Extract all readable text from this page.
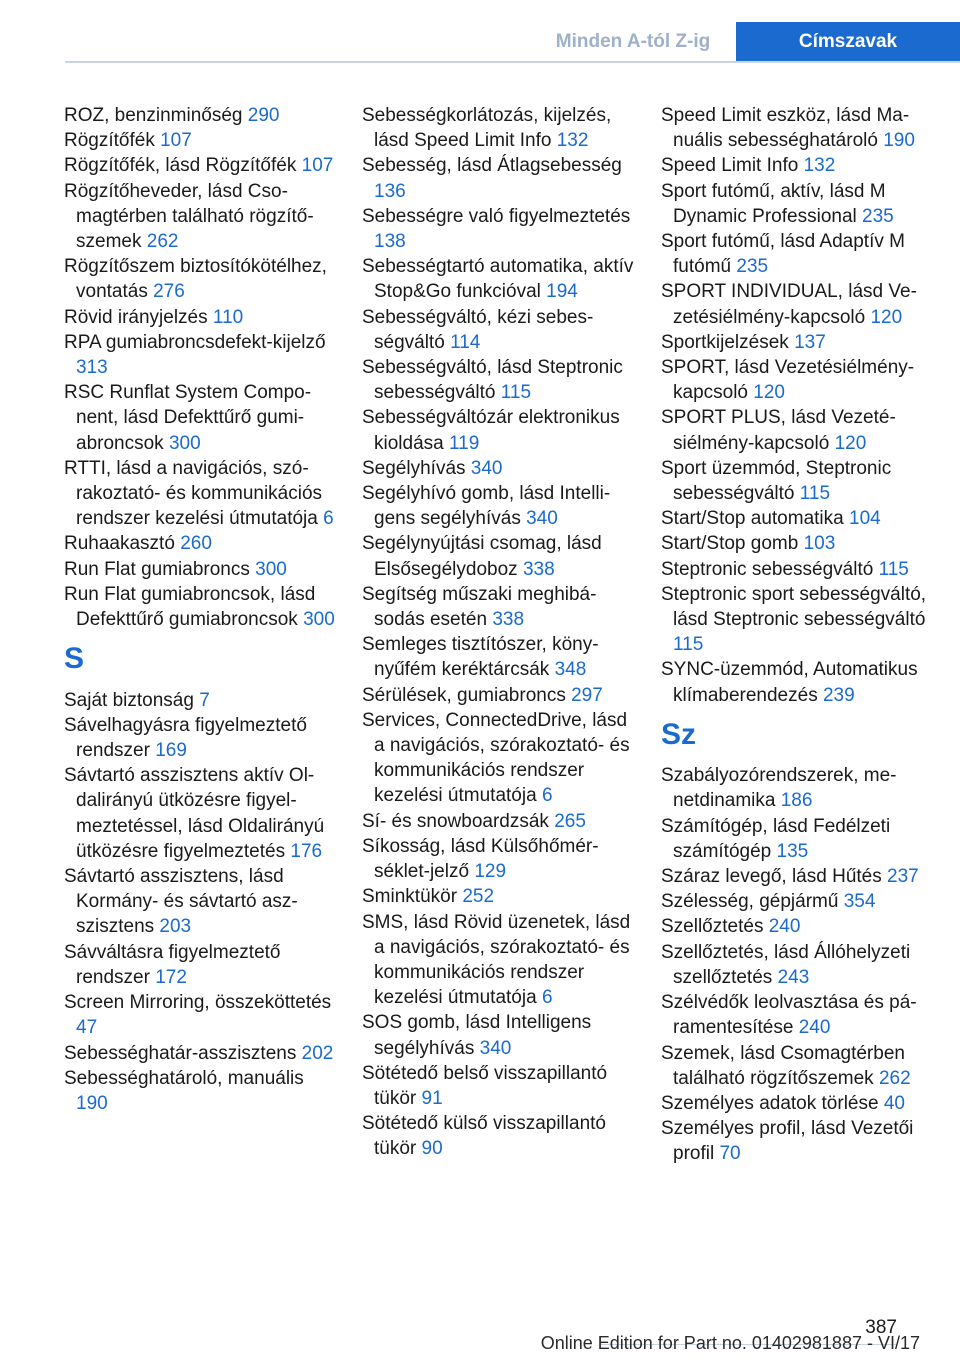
Minden A-tól Z-ig	Címszavak
ROZ, benzinminőség 290
Rögzítőfék 107
Rögzítőfék, lásd Rögzítőfék 107
Rögzítőheveder, lásd Csomagtérben található rögzítőszemek 262
Rögzítőszem biztosítókötélhez, vontatás 276
Rövid irányjelzés 110
RPA gumiabroncsdefekt-kijelző 313
RSC Runflat System Component, lásd Defekttűrő gumiabroncsok 300
RTTI, lásd a navigációs, szórakoztató- és kommunikációs rendszer kezelési útmutatója 6
Ruhaakasztó 260
Run Flat gumiabroncs 300
Run Flat gumiabroncsok, lásd Defekttűrő gumiabroncsok 300
S
Saját biztonság 7
Sávelhagyásra figyelmeztető rendszer 169
Sávtartó asszisztens aktív Oldalirányú ütközésre figyelmeztetéssel, lásd Oldalirányú ütközésre figyelmeztetés 176
Sávtartó asszisztens, lásd Kormány- és sávtartó aszszisztens 203
Sávváltásra figyelmeztető rendszer 172
Screen Mirroring, összeköttetés 47
Sebességhatár-asszisztens 202
Sebességhatároló, manuális 190
Sebességkorlátozás, kijelzés, lásd Speed Limit Info 132
Sebesség, lásd Átlagsebesség 136
Sebességre való figyelmeztetés 138
Sebességtartó automatika, aktív Stop&Go funkcióval 194
Sebességváltó, kézi sebességváltó 114
Sebességváltó, lásd Steptronic sebességváltó 115
Sebességváltózár elektronikus kioldása 119
Segélyhívás 340
Segélyhívó gomb, lásd Intelligens segélyhívás 340
Segélynyújtási csomag, lásd Elsősegélydoboz 338
Segítség műszaki meghibásodás esetén 338
Semleges tisztítószer, könynyűfém keréktárcsák 348
Sérülések, gumiabroncs 297
Services, ConnectedDrive, lásd a navigációs, szórakoztató- és kommunikációs rendszer kezelési útmutatója 6
Sí- és snowboardzsák 265
Síkosság, lásd Külsőhőmérséklet-jelző 129
Sminktükör 252
SMS, lásd Rövid üzenetek, lásd a navigációs, szórakoztató- és kommunikációs rendszer kezelési útmutatója 6
SOS gomb, lásd Intelligens segélyhívás 340
Sötétedő belső visszapillantó tükör 91
Sötétedő külső visszapillantó tükör 90
Speed Limit eszköz, lásd Manuális sebességhatároló 190
Speed Limit Info 132
Sport futómű, aktív, lásd M Dynamic Professional 235
Sport futómű, lásd Adaptív M futómű 235
SPORT INDIVIDUAL, lásd Vezetésiélmény-kapcsoló 120
Sportkijelzések 137
SPORT, lásd Vezetésiélmény-kapcsoló 120
SPORT PLUS, lásd Vezetésiélmény-kapcsoló 120
Sport üzemmód, Steptronic sebességváltó 115
Start/Stop automatika 104
Start/Stop gomb 103
Steptronic sebességváltó 115
Steptronic sport sebességváltó, lásd Steptronic sebességváltó 115
SYNC-üzemmód, Automatikus klímaberendezés 239
Sz
Szabályozórendszerek, menetdinamika 186
Számítógép, lásd Fedélzeti számítógép 135
Száraz levegő, lásd Hűtés 237
Szélesség, gépjármű 354
Szellőztetés 240
Szellőztetés, lásd Állóhelyzeti szellőztetés 243
Szélvédők leolvasztása és páramentesítése 240
Szemek, lásd Csomagtérben található rögzítőszemek 262
Személyes adatok törlése 40
Személyes profil, lásd Vezetői profil 70
387
Online Edition for Part no. 01402981887 - VI/17
